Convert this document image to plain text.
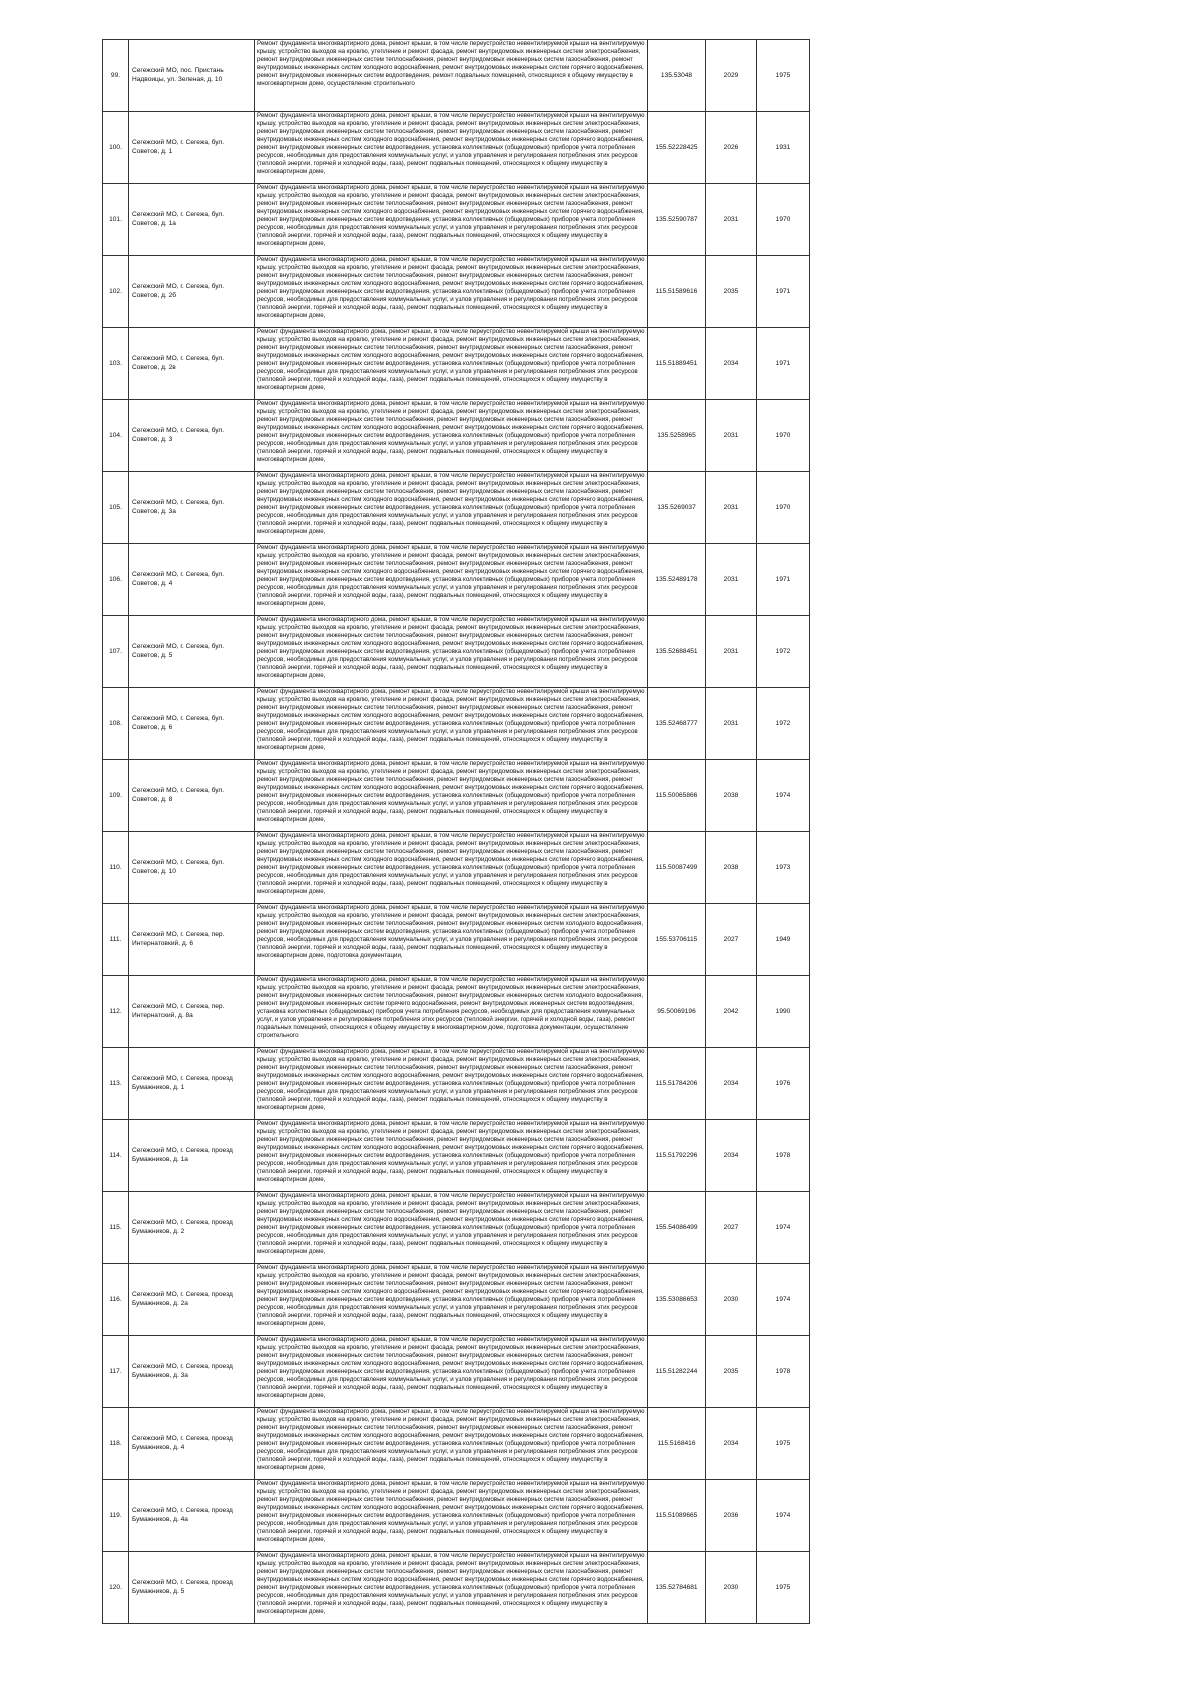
99.	Сегежский МО, пос. Пристань Надвоицы, ул. Зеленая, д. 10	Ремонт фундамента многоквартирного дома, ремонт крыши, в том числе переустройство невентилируемой крыши на вентилируемую крышу, устройство выходов на кровлю, утепление и ремонт фасада, ремонт внутридомовых инженерных систем электроснабжения, ремонт внутридомовых инженерных систем теплоснабжения, ремонт внутридомовых инженерных систем газоснабжения, ремонт внутридомовых инженерных систем холодного водоснабжения, ремонт внутридомовых инженерных систем горячего водоснабжения, ремонт внутридомовых инженерных систем водоотведения, ремонт подвальных помещений, относящихся к общему имуществу в многоквартирном доме, осуществление строительного	135.53048	2029	1975
100.	Сегежский МО, г. Сегежа, бул. Советов, д. 1	Ремонт фундамента многоквартирного дома, ремонт крыши, в том числе переустройство невентилируемой крыши на вентилируемую крышу, устройство выходов на кровлю, утепление и ремонт фасада, ремонт внутридомовых инженерных систем электроснабжения, ремонт внутридомовых инженерных систем теплоснабжения, ремонт внутридомовых инженерных систем газоснабжения, ремонт внутридомовых инженерных систем холодного водоснабжения, ремонт внутридомовых инженерных систем горячего водоснабжения, ремонт внутридомовых инженерных систем водоотведения, установка коллективных (общедомовых) приборов учета потребления ресурсов, необходимых для предоставления коммунальных услуг, и узлов управления и регулирования потребления этих ресурсов (тепловой энергии, горячей и холодной воды, газа), ремонт подвальных помещений, относящихся к общему имуществу в многоквартирном доме,	155.52228425	2026	1931
101.	Сегежский МО, г. Сегежа, бул. Советов, д. 1а	Ремонт фундамента многоквартирного дома, ремонт крыши, в том числе переустройство невентилируемой крыши на вентилируемую крышу, устройство выходов на кровлю, утепление и ремонт фасада, ремонт внутридомовых инженерных систем электроснабжения, ремонт внутридомовых инженерных систем теплоснабжения, ремонт внутридомовых инженерных систем газоснабжения, ремонт внутридомовых инженерных систем холодного водоснабжения, ремонт внутридомовых инженерных систем горячего водоснабжения, ремонт внутридомовых инженерных систем водоотведения, установка коллективных (общедомовых) приборов учета потребления ресурсов, необходимых для предоставления коммунальных услуг, и узлов управления и регулирования потребления этих ресурсов (тепловой энергии, горячей и холодной воды, газа), ремонт подвальных помещений, относящихся к общему имуществу в многоквартирном доме,	135.52590787	2031	1970
102.	Сегежский МО, г. Сегежа, бул. Советов, д. 2б	Ремонт фундамента многоквартирного дома, ремонт крыши, в том числе переустройство невентилируемой крыши на вентилируемую крышу, устройство выходов на кровлю, утепление и ремонт фасада, ремонт внутридомовых инженерных систем электроснабжения, ремонт внутридомовых инженерных систем теплоснабжения, ремонт внутридомовых инженерных систем газоснабжения, ремонт внутридомовых инженерных систем холодного водоснабжения, ремонт внутридомовых инженерных систем горячего водоснабжения, ремонт внутридомовых инженерных систем водоотведения, установка коллективных (общедомовых) приборов учета потребления ресурсов, необходимых для предоставления коммунальных услуг, и узлов управления и регулирования потребления этих ресурсов (тепловой энергии, горячей и холодной воды, газа), ремонт подвальных помещений, относящихся к общему имуществу в многоквартирном доме,	115.51589616	2035	1971
103.	Сегежский МО, г. Сегежа, бул. Советов, д. 2в	Ремонт фундамента многоквартирного дома, ремонт крыши, в том числе переустройство невентилируемой крыши на вентилируемую крышу, устройство выходов на кровлю, утепление и ремонт фасада, ремонт внутридомовых инженерных систем электроснабжения, ремонт внутридомовых инженерных систем теплоснабжения, ремонт внутридомовых инженерных систем газоснабжения, ремонт внутридомовых инженерных систем холодного водоснабжения, ремонт внутридомовых инженерных систем горячего водоснабжения, ремонт внутридомовых инженерных систем водоотведения, установка коллективных (общедомовых) приборов учета потребления ресурсов, необходимых для предоставления коммунальных услуг, и узлов управления и регулирования потребления этих ресурсов (тепловой энергии, горячей и холодной воды, газа), ремонт подвальных помещений, относящихся к общему имуществу в многоквартирном доме,	115.51889451	2034	1971
104.	Сегежский МО, г. Сегежа, бул. Советов, д. 3	Ремонт фундамента многоквартирного дома, ремонт крыши, в том числе переустройство невентилируемой крыши на вентилируемую крышу, устройство выходов на кровлю, утепление и ремонт фасада, ремонт внутридомовых инженерных систем электроснабжения, ремонт внутридомовых инженерных систем теплоснабжения, ремонт внутридомовых инженерных систем газоснабжения, ремонт внутридомовых инженерных систем холодного водоснабжения, ремонт внутридомовых инженерных систем горячего водоснабжения, ремонт внутридомовых инженерных систем водоотведения, установка коллективных (общедомовых) приборов учета потребления ресурсов, необходимых для предоставления коммунальных услуг, и узлов управления и регулирования потребления этих ресурсов (тепловой энергии, горячей и холодной воды, газа), ремонт подвальных помещений, относящихся к общему имуществу в многоквартирном доме,	135.5258965	2031	1970
105.	Сегежский МО, г. Сегежа, бул. Советов, д. 3а	Ремонт фундамента многоквартирного дома, ремонт крыши, в том числе переустройство невентилируемой крыши на вентилируемую крышу, устройство выходов на кровлю, утепление и ремонт фасада, ремонт внутридомовых инженерных систем электроснабжения, ремонт внутридомовых инженерных систем теплоснабжения, ремонт внутридомовых инженерных систем газоснабжения, ремонт внутридомовых инженерных систем холодного водоснабжения, ремонт внутридомовых инженерных систем горячего водоснабжения, ремонт внутридомовых инженерных систем водоотведения, установка коллективных (общедомовых) приборов учета потребления ресурсов, необходимых для предоставления коммунальных услуг, и узлов управления и регулирования потребления этих ресурсов (тепловой энергии, горячей и холодной воды, газа), ремонт подвальных помещений, относящихся к общему имуществу в многоквартирном доме,	135.5269037	2031	1970
106.	Сегежский МО, г. Сегежа, бул. Советов, д. 4	Ремонт фундамента многоквартирного дома, ремонт крыши, в том числе переустройство невентилируемой крыши на вентилируемую крышу, устройство выходов на кровлю, утепление и ремонт фасада, ремонт внутридомовых инженерных систем электроснабжения, ремонт внутридомовых инженерных систем теплоснабжения, ремонт внутридомовых инженерных систем газоснабжения, ремонт внутридомовых инженерных систем холодного водоснабжения, ремонт внутридомовых инженерных систем горячего водоснабжения, ремонт внутридомовых инженерных систем водоотведения, установка коллективных (общедомовых) приборов учета потребления ресурсов, необходимых для предоставления коммунальных услуг, и узлов управления и регулирования потребления этих ресурсов (тепловой энергии, горячей и холодной воды, газа), ремонт подвальных помещений, относящихся к общему имуществу в многоквартирном доме,	135.52489178	2031	1971
107.	Сегежский МО, г. Сегежа, бул. Советов, д. 5	Ремонт фундамента многоквартирного дома, ремонт крыши, в том числе переустройство невентилируемой крыши на вентилируемую крышу, устройство выходов на кровлю, утепление и ремонт фасада, ремонт внутридомовых инженерных систем электроснабжения, ремонт внутридомовых инженерных систем теплоснабжения, ремонт внутридомовых инженерных систем газоснабжения, ремонт внутридомовых инженерных систем холодного водоснабжения, ремонт внутридомовых инженерных систем горячего водоснабжения, ремонт внутридомовых инженерных систем водоотведения, установка коллективных (общедомовых) приборов учета потребления ресурсов, необходимых для предоставления коммунальных услуг, и узлов управления и регулирования потребления этих ресурсов (тепловой энергии, горячей и холодной воды, газа), ремонт подвальных помещений, относящихся к общему имуществу в многоквартирном доме,	135.52688451	2031	1972
108.	Сегежский МО, г. Сегежа, бул. Советов, д. 6	Ремонт фундамента многоквартирного дома, ремонт крыши, в том числе переустройство невентилируемой крыши на вентилируемую крышу, устройство выходов на кровлю, утепление и ремонт фасада, ремонт внутридомовых инженерных систем электроснабжения, ремонт внутридомовых инженерных систем теплоснабжения, ремонт внутридомовых инженерных систем газоснабжения, ремонт внутридомовых инженерных систем холодного водоснабжения, ремонт внутридомовых инженерных систем горячего водоснабжения, ремонт внутридомовых инженерных систем водоотведения, установка коллективных (общедомовых) приборов учета потребления ресурсов, необходимых для предоставления коммунальных услуг, и узлов управления и регулирования потребления этих ресурсов (тепловой энергии, горячей и холодной воды, газа), ремонт подвальных помещений, относящихся к общему имуществу в многоквартирном доме,	135.52468777	2031	1972
109.	Сегежский МО, г. Сегежа, бул. Советов, д. 8	Ремонт фундамента многоквартирного дома, ремонт крыши, в том числе переустройство невентилируемой крыши на вентилируемую крышу, устройство выходов на кровлю, утепление и ремонт фасада, ремонт внутридомовых инженерных систем электроснабжения, ремонт внутридомовых инженерных систем теплоснабжения, ремонт внутридомовых инженерных систем газоснабжения, ремонт внутридомовых инженерных систем холодного водоснабжения, ремонт внутридомовых инженерных систем горячего водоснабжения, ремонт внутридомовых инженерных систем водоотведения, установка коллективных (общедомовых) приборов учета потребления ресурсов, необходимых для предоставления коммунальных услуг, и узлов управления и регулирования потребления этих ресурсов (тепловой энергии, горячей и холодной воды, газа), ремонт подвальных помещений, относящихся к общему имуществу в многоквартирном доме,	115.50065866	2038	1974
110.	Сегежский МО, г. Сегежа, бул. Советов, д. 10	Ремонт фундамента многоквартирного дома, ремонт крыши, в том числе переустройство невентилируемой крыши на вентилируемую крышу, устройство выходов на кровлю, утепление и ремонт фасада, ремонт внутридомовых инженерных систем электроснабжения, ремонт внутридомовых инженерных систем теплоснабжения, ремонт внутридомовых инженерных систем газоснабжения, ремонт внутридомовых инженерных систем холодного водоснабжения, ремонт внутридомовых инженерных систем горячего водоснабжения, ремонт внутридомовых инженерных систем водоотведения, установка коллективных (общедомовых) приборов учета потребления ресурсов, необходимых для предоставления коммунальных услуг, и узлов управления и регулирования потребления этих ресурсов (тепловой энергии, горячей и холодной воды, газа), ремонт подвальных помещений, относящихся к общему имуществу в многоквартирном доме,	115.50087499	2038	1973
111.	Сегежский МО, г. Сегежа, пер. Интернатовкий, д. 6	Ремонт фундамента многоквартирного дома, ремонт крыши, в том числе переустройство невентилируемой крыши на вентилируемую крышу, устройство выходов на кровлю, утепление и ремонт фасада, ремонт внутридомовых инженерных систем электроснабжения, ремонт внутридомовых инженерных систем теплоснабжения, ремонт внутридомовых инженерных систем холодного водоснабжения, ремонт внутридомовых инженерных систем водоотведения, установка коллективных (общедомовых) приборов учета потребления ресурсов, необходимых для предоставления коммунальных услуг, и узлов управления и регулирования потребления этих ресурсов (тепловой энергии, горячей и холодной воды, газа), ремонт подвальных помещений, относящихся к общему имуществу в многоквартирном доме, подготовка документации,	155.53706115	2027	1949
112.	Сегежский МО, г. Сегежа, пер. Интернатский, д. 8а	Ремонт фундамента многоквартирного дома, ремонт крыши, в том числе переустройство невентилируемой крыши на вентилируемую крышу, устройство выходов на кровлю, утепление и ремонт фасада, ремонт внутридомовых инженерных систем электроснабжения, ремонт внутридомовых инженерных систем теплоснабжения, ремонт внутридомовых инженерных систем холодного водоснабжения, ремонт внутридомовых инженерных систем горячего водоснабжения, ремонт внутридомовых инженерных систем водоотведения, установка коллективных (общедомовых) приборов учета потребления ресурсов, необходимых для предоставления коммунальных услуг, и узлов управления и регулирования потребления этих ресурсов (тепловой энергии, горячей и холодной воды, газа), ремонт подвальных помещений, относящихся к общему имуществу в многоквартирном доме, подготовка документации, осуществление строительного	95.50069196	2042	1990
113.	Сегежский МО, г. Сегежа, проезд Бумажников, д. 1	Ремонт фундамента многоквартирного дома, ремонт крыши, в том числе переустройство невентилируемой крыши на вентилируемую крышу, устройство выходов на кровлю, утепление и ремонт фасада, ремонт внутридомовых инженерных систем электроснабжения, ремонт внутридомовых инженерных систем теплоснабжения, ремонт внутридомовых инженерных систем газоснабжения, ремонт внутридомовых инженерных систем холодного водоснабжения, ремонт внутридомовых инженерных систем горячего водоснабжения, ремонт внутридомовых инженерных систем водоотведения, установка коллективных (общедомовых) приборов учета потребления ресурсов, необходимых для предоставления коммунальных услуг, и узлов управления и регулирования потребления этих ресурсов (тепловой энергии, горячей и холодной воды, газа), ремонт подвальных помещений, относящихся к общему имуществу в многоквартирном доме,	115.51784206	2034	1976
114.	Сегежский МО, г. Сегежа, проезд Бумажников, д. 1а	Ремонт фундамента многоквартирного дома, ремонт крыши, в том числе переустройство невентилируемой крыши на вентилируемую крышу, устройство выходов на кровлю, утепление и ремонт фасада, ремонт внутридомовых инженерных систем электроснабжения, ремонт внутридомовых инженерных систем теплоснабжения, ремонт внутридомовых инженерных систем газоснабжения, ремонт внутридомовых инженерных систем холодного водоснабжения, ремонт внутридомовых инженерных систем горячего водоснабжения, ремонт внутридомовых инженерных систем водоотведения, установка коллективных (общедомовых) приборов учета потребления ресурсов, необходимых для предоставления коммунальных услуг, и узлов управления и регулирования потребления этих ресурсов (тепловой энергии, горячей и холодной воды, газа), ремонт подвальных помещений, относящихся к общему имуществу в многоквартирном доме,	115.51792296	2034	1978
115.	Сегежский МО, г. Сегежа, проезд Бумажников, д. 2	Ремонт фундамента многоквартирного дома, ремонт крыши, в том числе переустройство невентилируемой крыши на вентилируемую крышу, устройство выходов на кровлю, утепление и ремонт фасада, ремонт внутридомовых инженерных систем электроснабжения, ремонт внутридомовых инженерных систем теплоснабжения, ремонт внутридомовых инженерных систем газоснабжения, ремонт внутридомовых инженерных систем холодного водоснабжения, ремонт внутридомовых инженерных систем горячего водоснабжения, ремонт внутридомовых инженерных систем водоотведения, установка коллективных (общедомовых) приборов учета потребления ресурсов, необходимых для предоставления коммунальных услуг, и узлов управления и регулирования потребления этих ресурсов (тепловой энергии, горячей и холодной воды, газа), ремонт подвальных помещений, относящихся к общему имуществу в многоквартирном доме,	155.54086499	2027	1974
116.	Сегежский МО, г. Сегежа, проезд Бумажников, д. 2а	Ремонт фундамента многоквартирного дома, ремонт крыши, в том числе переустройство невентилируемой крыши на вентилируемую крышу, устройство выходов на кровлю, утепление и ремонт фасада, ремонт внутридомовых инженерных систем электроснабжения, ремонт внутридомовых инженерных систем теплоснабжения, ремонт внутридомовых инженерных систем газоснабжения, ремонт внутридомовых инженерных систем холодного водоснабжения, ремонт внутридомовых инженерных систем горячего водоснабжения, ремонт внутридомовых инженерных систем водоотведения, установка коллективных (общедомовых) приборов учета потребления ресурсов, необходимых для предоставления коммунальных услуг, и узлов управления и регулирования потребления этих ресурсов (тепловой энергии, горячей и холодной воды, газа), ремонт подвальных помещений, относящихся к общему имуществу в многоквартирном доме,	135.53086653	2030	1974
117.	Сегежский МО, г. Сегежа, проезд Бумажников, д. 3а	Ремонт фундамента многоквартирного дома, ремонт крыши, в том числе переустройство невентилируемой крыши на вентилируемую крышу, устройство выходов на кровлю, утепление и ремонт фасада, ремонт внутридомовых инженерных систем электроснабжения, ремонт внутридомовых инженерных систем теплоснабжения, ремонт внутридомовых инженерных систем газоснабжения, ремонт внутридомовых инженерных систем холодного водоснабжения, ремонт внутридомовых инженерных систем горячего водоснабжения, ремонт внутридомовых инженерных систем водоотведения, установка коллективных (общедомовых) приборов учета потребления ресурсов, необходимых для предоставления коммунальных услуг, и узлов управления и регулирования потребления этих ресурсов (тепловой энергии, горячей и холодной воды, газа), ремонт подвальных помещений, относящихся к общему имуществу в многоквартирном доме,	115.51282244	2035	1978
118.	Сегежский МО, г. Сегежа, проезд Бумажников, д. 4	Ремонт фундамента многоквартирного дома, ремонт крыши, в том числе переустройство невентилируемой крыши на вентилируемую крышу, устройство выходов на кровлю, утепление и ремонт фасада, ремонт внутридомовых инженерных систем электроснабжения, ремонт внутридомовых инженерных систем теплоснабжения, ремонт внутридомовых инженерных систем газоснабжения, ремонт внутридомовых инженерных систем холодного водоснабжения, ремонт внутридомовых инженерных систем горячего водоснабжения, ремонт внутридомовых инженерных систем водоотведения, установка коллективных (общедомовых) приборов учета потребления ресурсов, необходимых для предоставления коммунальных услуг, и узлов управления и регулирования потребления этих ресурсов (тепловой энергии, горячей и холодной воды, газа), ремонт подвальных помещений, относящихся к общему имуществу в многоквартирном доме,	115.5168416	2034	1975
119.	Сегежский МО, г. Сегежа, проезд Бумажников, д. 4а	Ремонт фундамента многоквартирного дома, ремонт крыши, в том числе переустройство невентилируемой крыши на вентилируемую крышу, устройство выходов на кровлю, утепление и ремонт фасада, ремонт внутридомовых инженерных систем электроснабжения, ремонт внутридомовых инженерных систем теплоснабжения, ремонт внутридомовых инженерных систем газоснабжения, ремонт внутридомовых инженерных систем холодного водоснабжения, ремонт внутридомовых инженерных систем горячего водоснабжения, ремонт внутридомовых инженерных систем водоотведения, установка коллективных (общедомовых) приборов учета потребления ресурсов, необходимых для предоставления коммунальных услуг, и узлов управления и регулирования потребления этих ресурсов (тепловой энергии, горячей и холодной воды, газа), ремонт подвальных помещений, относящихся к общему имуществу в многоквартирном доме,	115.51089665	2036	1974
120.	Сегежский МО, г. Сегежа, проезд Бумажников, д. 5	Ремонт фундамента многоквартирного дома, ремонт крыши, в том числе переустройство невентилируемой крыши на вентилируемую крышу, устройство выходов на кровлю, утепление и ремонт фасада, ремонт внутридомовых инженерных систем электроснабжения, ремонт внутридомовых инженерных систем теплоснабжения, ремонт внутридомовых инженерных систем газоснабжения, ремонт внутридомовых инженерных систем холодного водоснабжения, ремонт внутридомовых инженерных систем горячего водоснабжения, ремонт внутридомовых инженерных систем водоотведения, установка коллективных (общедомовых) приборов учета потребления ресурсов, необходимых для предоставления коммунальных услуг, и узлов управления и регулирования потребления этих ресурсов (тепловой энергии, горячей и холодной воды, газа), ремонт подвальных помещений, относящихся к общему имуществу в многоквартирном доме,	135.52784681	2030	1975
